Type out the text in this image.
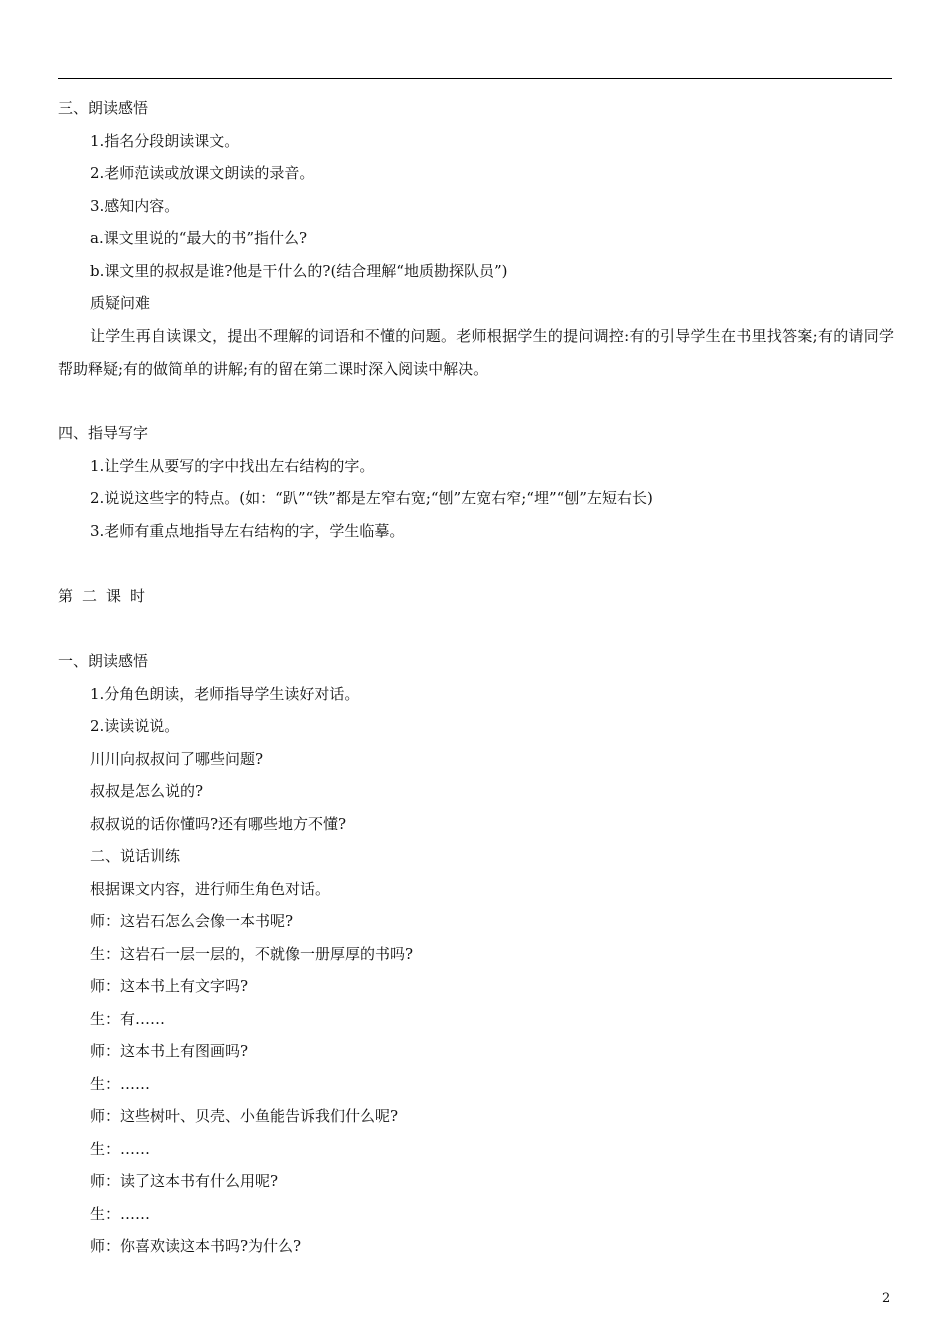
三、朗读感悟
1.指名分段朗读课文。
2.老师范读或放课文朗读的录音。
3.感知内容。
a.课文里说的“最大的书”指什么?
b.课文里的叔叔是谁?他是干什么的?(结合理解“地质勘探队员”)
质疑问难
让学生再自读课文，提出不理解的词语和不懂的问题。老师根据学生的提问调控:有的引导学生在书里找答案;有的请同学帮助释疑;有的做简单的讲解;有的留在第二课时深入阅读中解决。
四、指导写字
1.让学生从要写的字中找出左右结构的字。
2.说说这些字的特点。(如：“趴”“铁”都是左窄右宽;“刨”左宽右窄;“埋”“刨”左短右长)
3.老师有重点地指导左右结构的字，学生临摹。
第二课时
一、朗读感悟
1.分角色朗读，老师指导学生读好对话。
2.读读说说。
川川向叔叔问了哪些问题?
叔叔是怎么说的?
叔叔说的话你懂吗?还有哪些地方不懂?
二、说话训练
根据课文内容，进行师生角色对话。
师：这岩石怎么会像一本书呢?
生：这岩石一层一层的，不就像一册厚厚的书吗?
师：这本书上有文字吗?
生：有……
师：这本书上有图画吗?
生：……
师：这些树叶、贝壳、小鱼能告诉我们什么呢?
生：……
师：读了这本书有什么用呢?
生：……
师：你喜欢读这本书吗?为什么?
2
